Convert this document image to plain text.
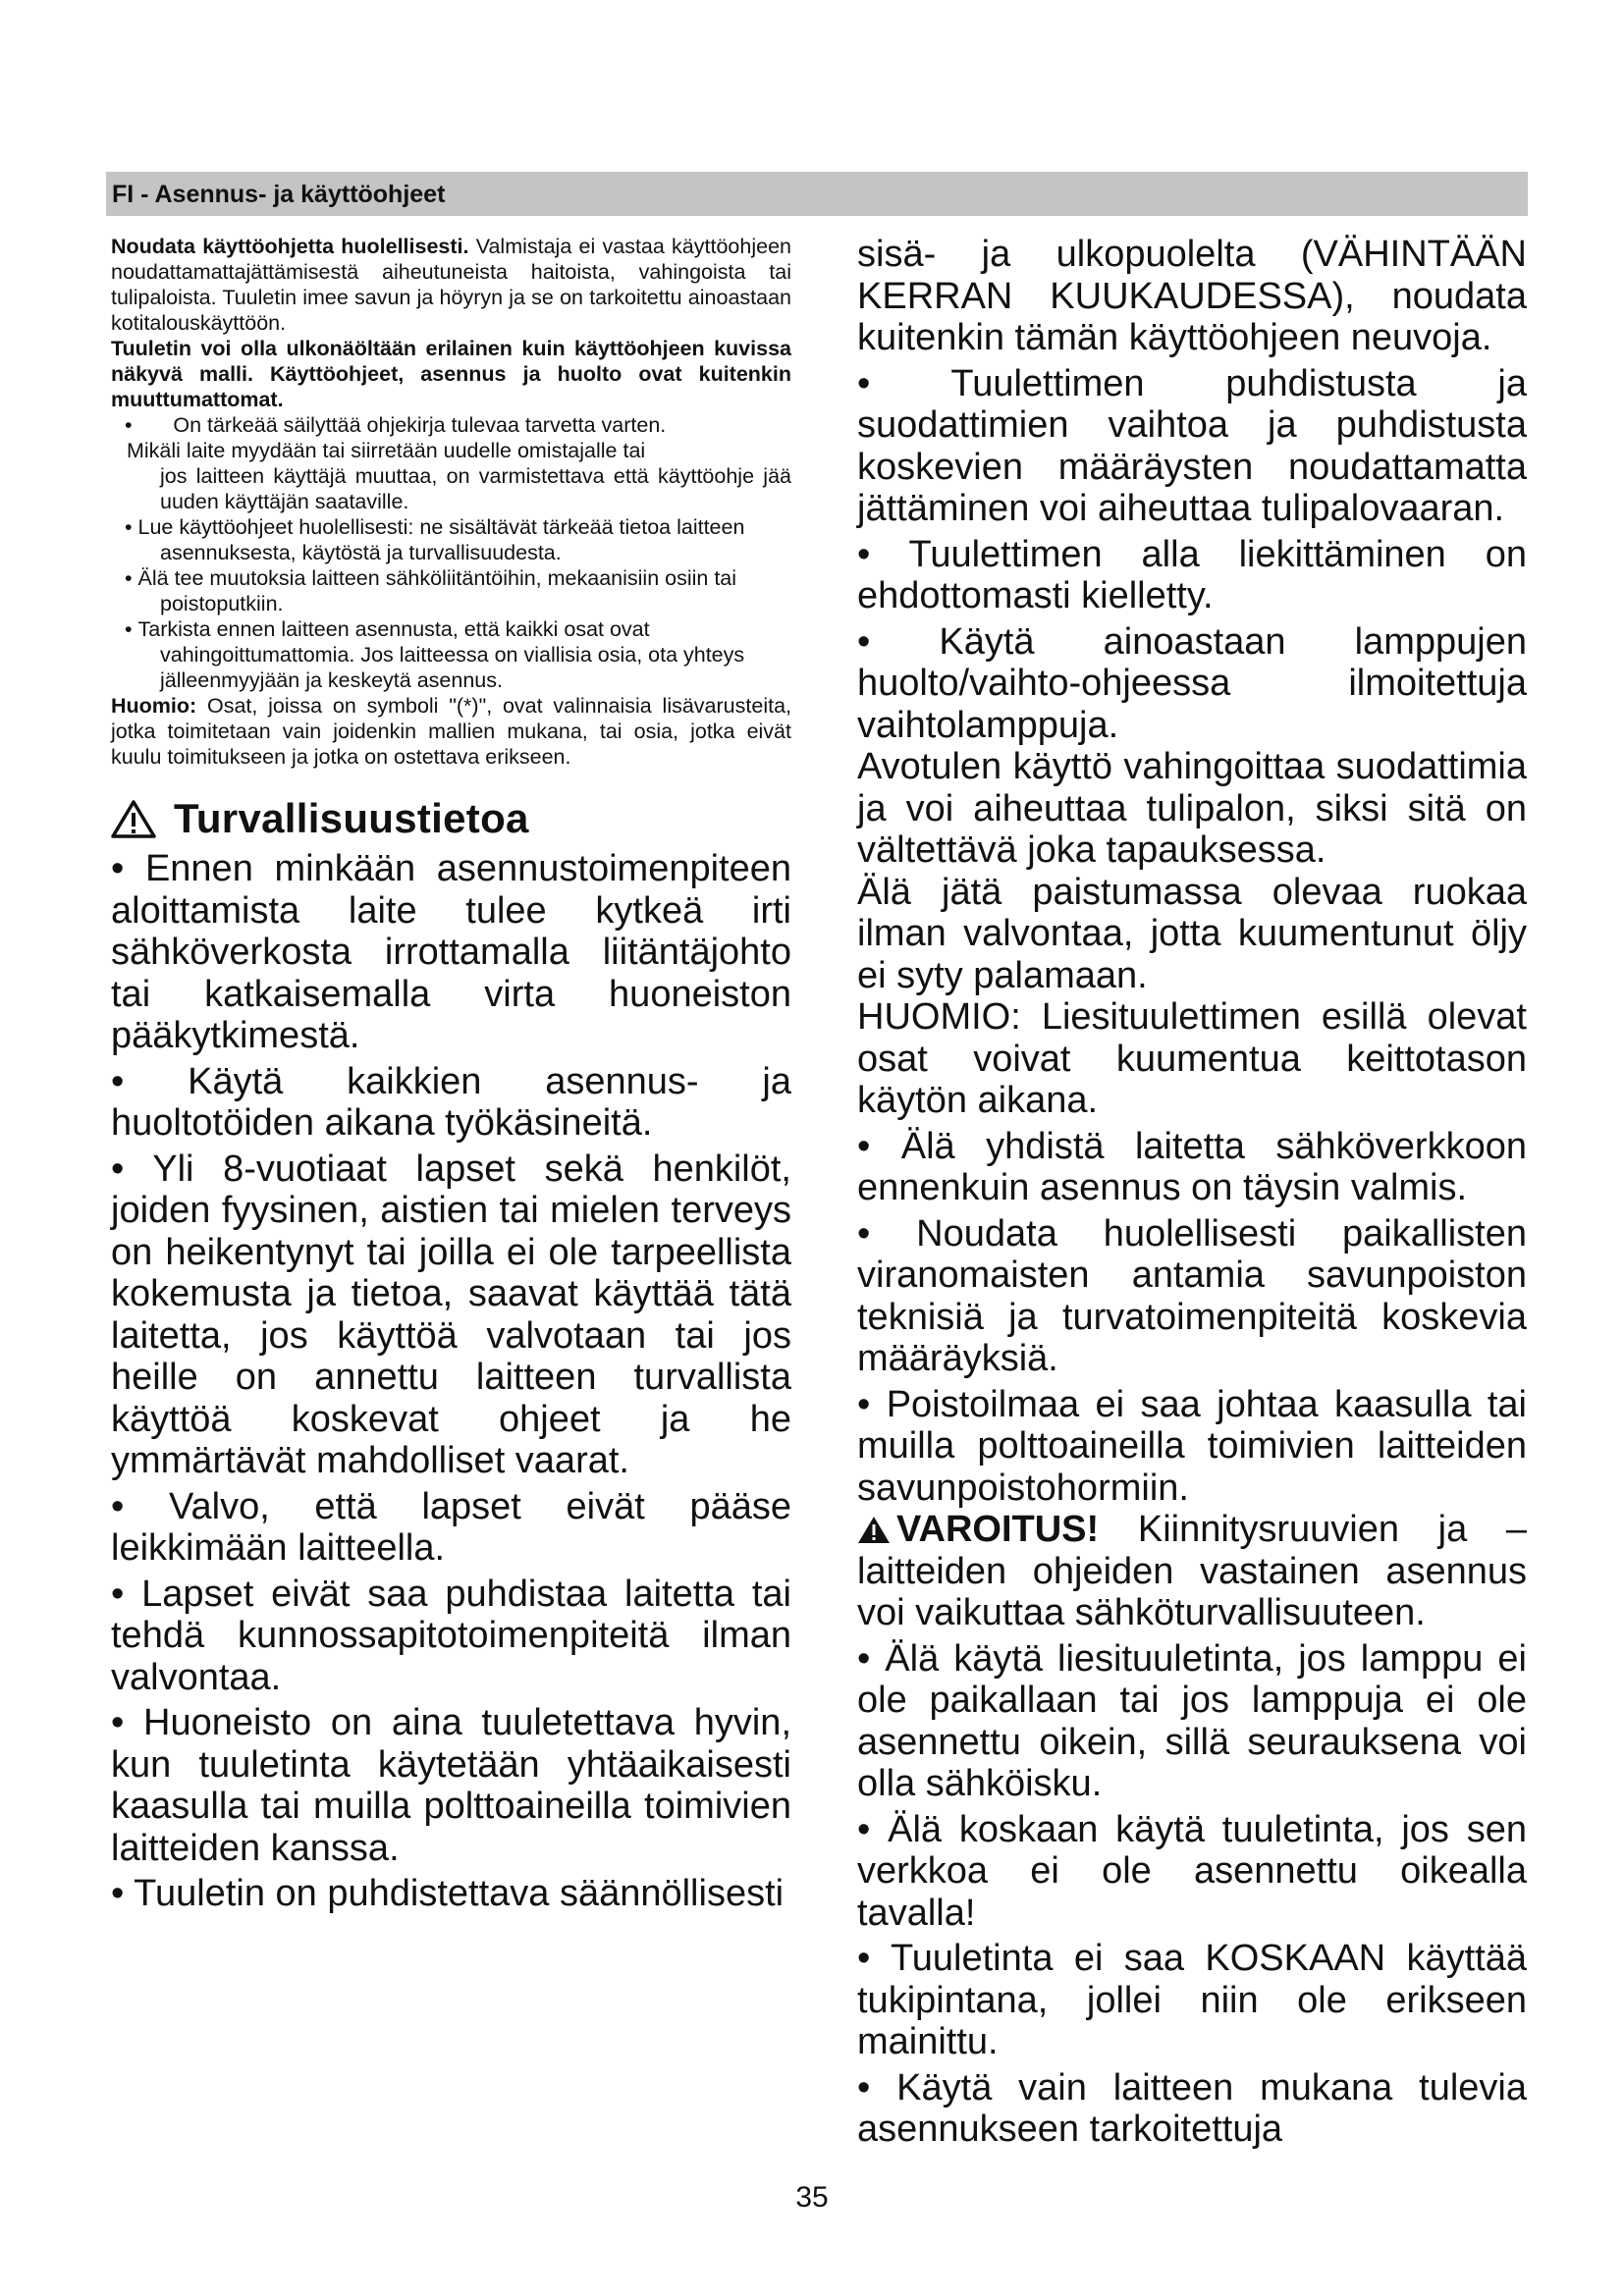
FI - Asennus- ja käyttöohjeet

Noudata käyttöohjetta huolellisesti. Valmistaja ei vastaa käyttöohjeen noudattamattajättämisestä aiheutuneista haitoista, vahingoista tai tulipaloista. Tuuletin imee savun ja höyryn ja se on tarkoitettu ainoastaan kotitalouskäyttöön.

Tuuletin voi olla ulkonäöltään erilainen kuin käyttöohjeen kuvissa näkyvä malli. Käyttöohjeet, asennus ja huolto ovat kuitenkin muuttumattomat.

•       On tärkeää säilyttää ohjekirja tulevaa tarvetta varten.

Mikäli laite myydään tai siirretään uudelle omistajalle tai

jos laitteen käyttäjä muuttaa, on varmistettava että käyttöohje jää uuden käyttäjän saataville.

• Lue käyttöohjeet huolellisesti: ne sisältävät tärkeää tietoa laitteen asennuksesta, käytöstä ja turvallisuudesta.

• Älä tee muutoksia laitteen sähköliitäntöihin, mekaanisiin osiin tai poistoputkiin.

• Tarkista ennen laitteen asennusta, että kaikki osat ovat vahingoittumattomia. Jos laitteessa on viallisia osia, ota yhteys jälleenmyyjään ja keskeytä asennus.

Huomio: Osat, joissa on symboli "(*)", ovat valinnaisia lisävarusteita, jotka toimitetaan vain joidenkin mallien mukana, tai osia, jotka eivät kuulu toimitukseen ja jotka on ostettava erikseen.

Turvallisuustietoa

• Ennen minkään asennustoimenpiteen aloittamista laite tulee kytkeä irti sähköverkosta irrottamalla liitäntäjohto tai katkaisemalla virta huoneiston pääkytkimestä.

• Käytä kaikkien asennus- ja huoltotöiden aikana työkäsineitä.

• Yli 8-vuotiaat lapset sekä henkilöt, joiden fyysinen, aistien tai mielen terveys on heikentynyt tai joilla ei ole tarpeellista kokemusta ja tietoa, saavat käyttää tätä laitetta, jos käyttöä valvotaan tai jos heille on annettu laitteen turvallista käyttöä koskevat ohjeet ja he ymmärtävät mahdolliset vaarat.

• Valvo, että lapset eivät pääse leikkimään laitteella.

• Lapset eivät saa puhdistaa laitetta tai tehdä kunnossapitotoimenpiteitä ilman valvontaa.

• Huoneisto on aina tuuletettava hyvin, kun tuuletinta käytetään yhtäaikaisesti kaasulla tai muilla polttoaineilla toimivien laitteiden kanssa.

• Tuuletin on puhdistettava säännöllisesti

sisä- ja ulkopuolelta (VÄHINTÄÄN KERRAN KUUKAUDESSA), noudata kuitenkin tämän käyttöohjeen neuvoja.

• Tuulettimen puhdistusta ja suodattimien vaihtoa ja puhdistusta koskevien määräysten noudattamatta jättäminen voi aiheuttaa tulipalovaaran.

• Tuulettimen alla liekittäminen on ehdottomasti kielletty.

• Käytä ainoastaan lamppujen huolto/vaihto-ohjeessa ilmoitettuja vaihtolamppuja.

Avotulen käyttö vahingoittaa suodattimia ja voi aiheuttaa tulipalon, siksi sitä on vältettävä joka tapauksessa.

Älä jätä paistumassa olevaa ruokaa ilman valvontaa, jotta kuumentunut öljy ei syty palamaan.

HUOMIO: Liesituulettimen esillä olevat osat voivat kuumentua keittotason käytön aikana.

• Älä yhdistä laitetta sähköverkkoon ennenkuin asennus on täysin valmis.

• Noudata huolellisesti paikallisten viranomaisten antamia savunpoiston teknisiä ja turvatoimenpiteitä koskevia määräyksiä.

• Poistoilmaa ei saa johtaa kaasulla tai muilla polttoaineilla toimivien laitteiden savunpoistohormiin.

VAROITUS! Kiinnitysruuvien ja – laitteiden ohjeiden vastainen asennus voi vaikuttaa sähköturvallisuuteen.

• Älä käytä liesituuletinta, jos lamppu ei ole paikallaan tai jos lamppuja ei ole asennettu oikein, sillä seurauksena voi olla sähköisku.

• Älä koskaan käytä tuuletinta, jos sen verkkoa ei ole asennettu oikealla tavalla!

• Tuuletinta ei saa KOSKAAN käyttää tukipintana, jollei niin ole erikseen mainittu.

• Käytä vain laitteen mukana tulevia asennukseen tarkoitettuja

35
